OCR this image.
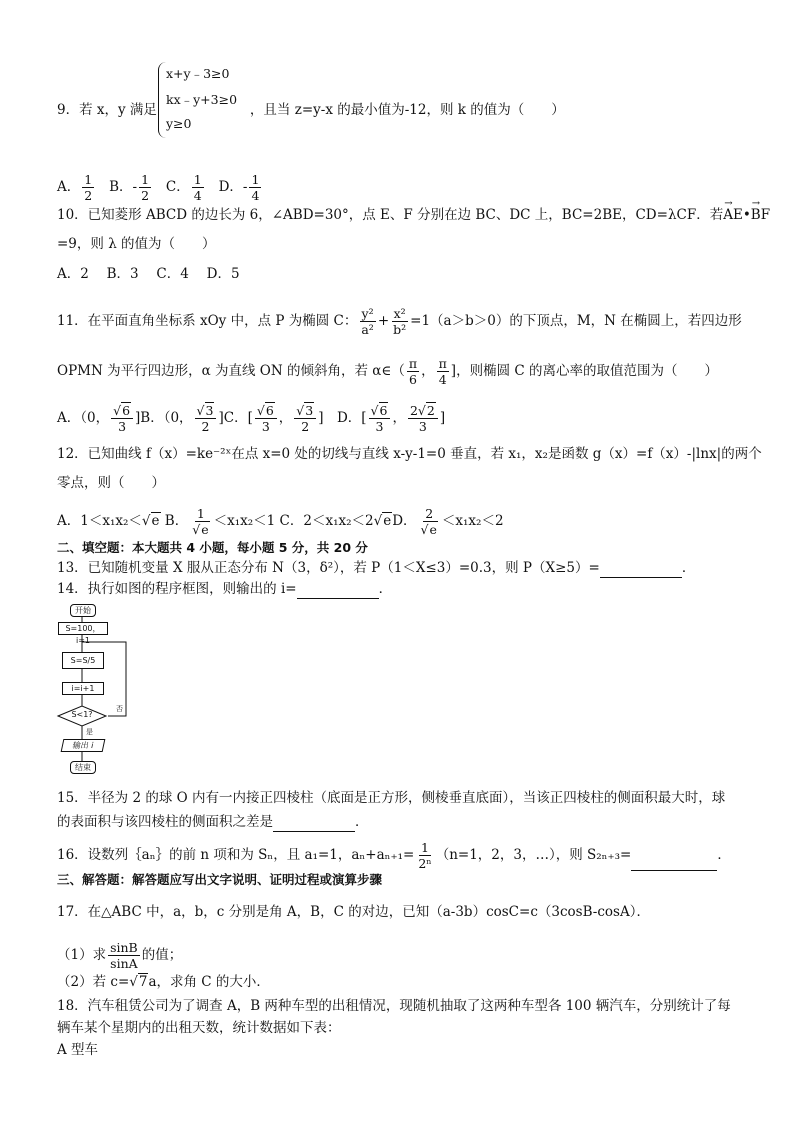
9．若 x，y 满足	，且当 z=y-x 的最小值为-12，则 k 的值为（　　）
x+y﹣3≥0
kx﹣y+3≥0
y≥0
A． $\frac{1}{2}$ B．- $\frac{1}{2}$ C． $\frac{1}{4}$ D．- $\frac{1}{4}$
10．已知菱形 ABCD 的边长为 6，∠ABD=30°，点 E、F 分别在边 BC、DC 上，BC=2BE，CD=λCF．若→ AE•→ BF
=9，则 λ 的值为（　　）
A．2　 B．3　 C．4　 D．5
11．在平面直角坐标系 xOy 中，点 P 为椭圆 C： $\frac{\text{y²}}{\text{a²}} + \frac{\text{x²}}{\text{b²}} =1(a>b>0)$的下顶点，M，N 在椭圆上，若四边形
OPMN 为平行四边形，α 为直线 ON 的倾斜角，若 α∈（ $\frac{\pi}{6}$ ， $\frac{\pi}{4}$ ]，则椭圆 C 的离心率的取值范围为（　　）
A．（0， $\frac{√6}{3} ]B$．（0， $\frac{√3}{2} ]C$．[ $\frac{√6}{3}$ ， $\frac{√3}{2}$ ]　D．[ $\frac{√6}{3}$ ， $\frac{2√2}{3}$ ]
12．已知曲线 f（x）=ke⁻²ˣ在点 x=0 处的切线与直线 x-y-1=0 垂直，若 x₁，x₂是函数 g（x）=f（x）-|lnx|的两个
零点，则（　　）
A．1＜x₁x₂＜√e B． $\frac{1}{√e} <x_1x_2<1$ C．2＜x₁x₂＜2√eD． $\frac{2}{√e} <x_1x_2<2$
二、填空题：本大题共 4 小题，每小题 5 分，共 20 分
13．已知随机变量 X 服从正态分布 N（3，δ²），若 P（1＜X≤3）=0.3，则 P（X≥5）=	．
14．执行如图的程序框图，则输出的 i=	．
开始
S=100，i=1
S=S/5
i=i+1
S<1?
否
是
输出 i
结束
15．半径为 2 的球 O 内有一内接正四棱柱（底面是正方形，侧棱垂直底面），当该正四棱柱的侧面积最大时，球
的表面积与该四棱柱的侧面积之差是	．
16．设数列｛aₙ｝的前 n 项和为 Sₙ，且 a₁=1，$a_n+a_{n+1}= \frac{1}{\text{2ⁿ}} (n=1$，2，3，…），则 S₂ₙ₊₃=	．
三、解答题：解答题应写出文字说明、证明过程或演算步骤
17．在△ABC 中，a，b，c 分别是角 A，B，C 的对边，已知（a-3b）cosC=c（3cosB-cosA）．
（1）求 $\frac{\sin B}{\sin A}$ 的值；
（2）若 c=√7a，求角 C 的大小．
18．汽车租赁公司为了调查 A，B 两种车型的出租情况，现随机抽取了这两种车型各 100 辆汽车，分别统计了每
辆车某个星期内的出租天数，统计数据如下表：
A 型车
